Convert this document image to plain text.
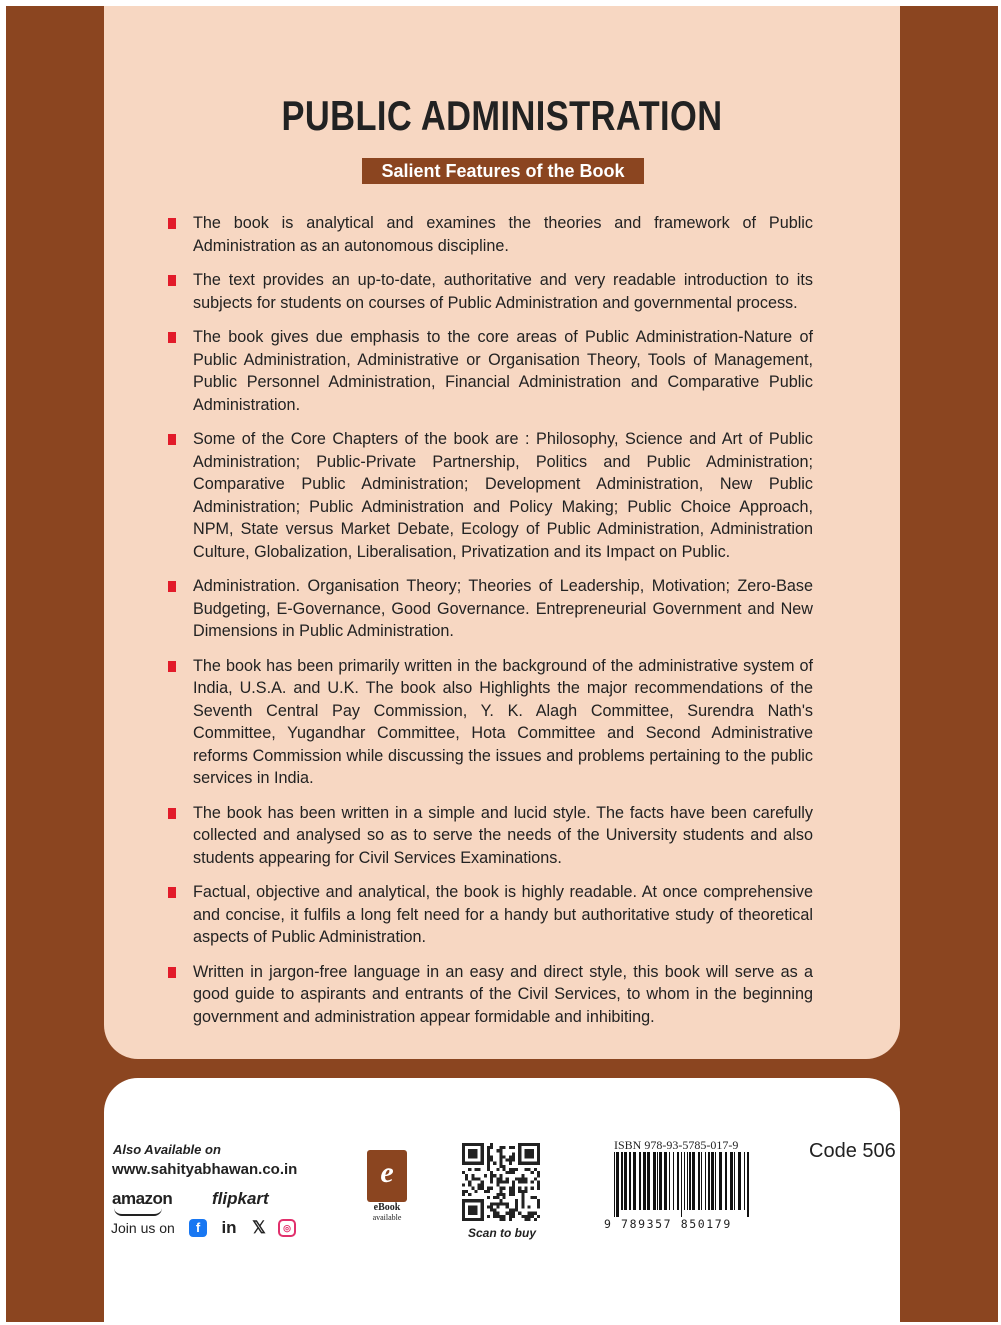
PUBLIC ADMINISTRATION
Salient Features of the Book
The book is analytical and examines the theories and framework of Public Administration as an autonomous discipline.
The text provides an up-to-date, authoritative and very readable introduction to its subjects for students on courses of Public Administration and governmental process.
The book gives due emphasis to the core areas of Public Administration-Nature of Public Administration, Administrative or Organisation Theory, Tools of Management, Public Personnel Administration, Financial Administration and Comparative Public Administration.
Some of the Core Chapters of the book are : Philosophy, Science and Art of Public Administration; Public-Private Partnership, Politics and Public Administration; Comparative Public Administration; Development Administration, New Public Administration; Public Administration and Policy Making; Public Choice Approach, NPM, State versus Market Debate, Ecology of Public Administration, Administration Culture, Globalization, Liberalisation, Privatization and its Impact on Public.
Administration. Organisation Theory; Theories of Leadership, Motivation; Zero-Base Budgeting, E-Governance, Good Governance. Entrepreneurial Government and New Dimensions in Public Administration.
The book has been primarily written in the background of the administrative system of India, U.S.A. and U.K. The book also Highlights the major recommendations of the Seventh Central Pay Commission, Y. K. Alagh Committee, Surendra Nath's Committee, Yugandhar Committee, Hota Committee and Second Administrative reforms Commission while discussing the issues and problems pertaining to the public services in India.
The book has been written in a simple and lucid style. The facts have been carefully collected and analysed so as to serve the needs of the University students and also students appearing for Civil Services Examinations.
Factual, objective and analytical, the book is highly readable. At once comprehensive and concise, it fulfils a long felt need for a handy but authoritative study of theoretical aspects of Public Administration.
Written in jargon-free language in an easy and direct style, this book will serve as a good guide to aspirants and entrants of the Civil Services, to whom in the beginning government and administration appear formidable and inhibiting.
Also Available on
www.sahityabhawan.co.in
amazon flipkart
Join us on	f	in 𝕏	◎
e
eBook
available
Scan to buy
ISBN 978-93-5785-017-9
9 789357 850179
Code 506
